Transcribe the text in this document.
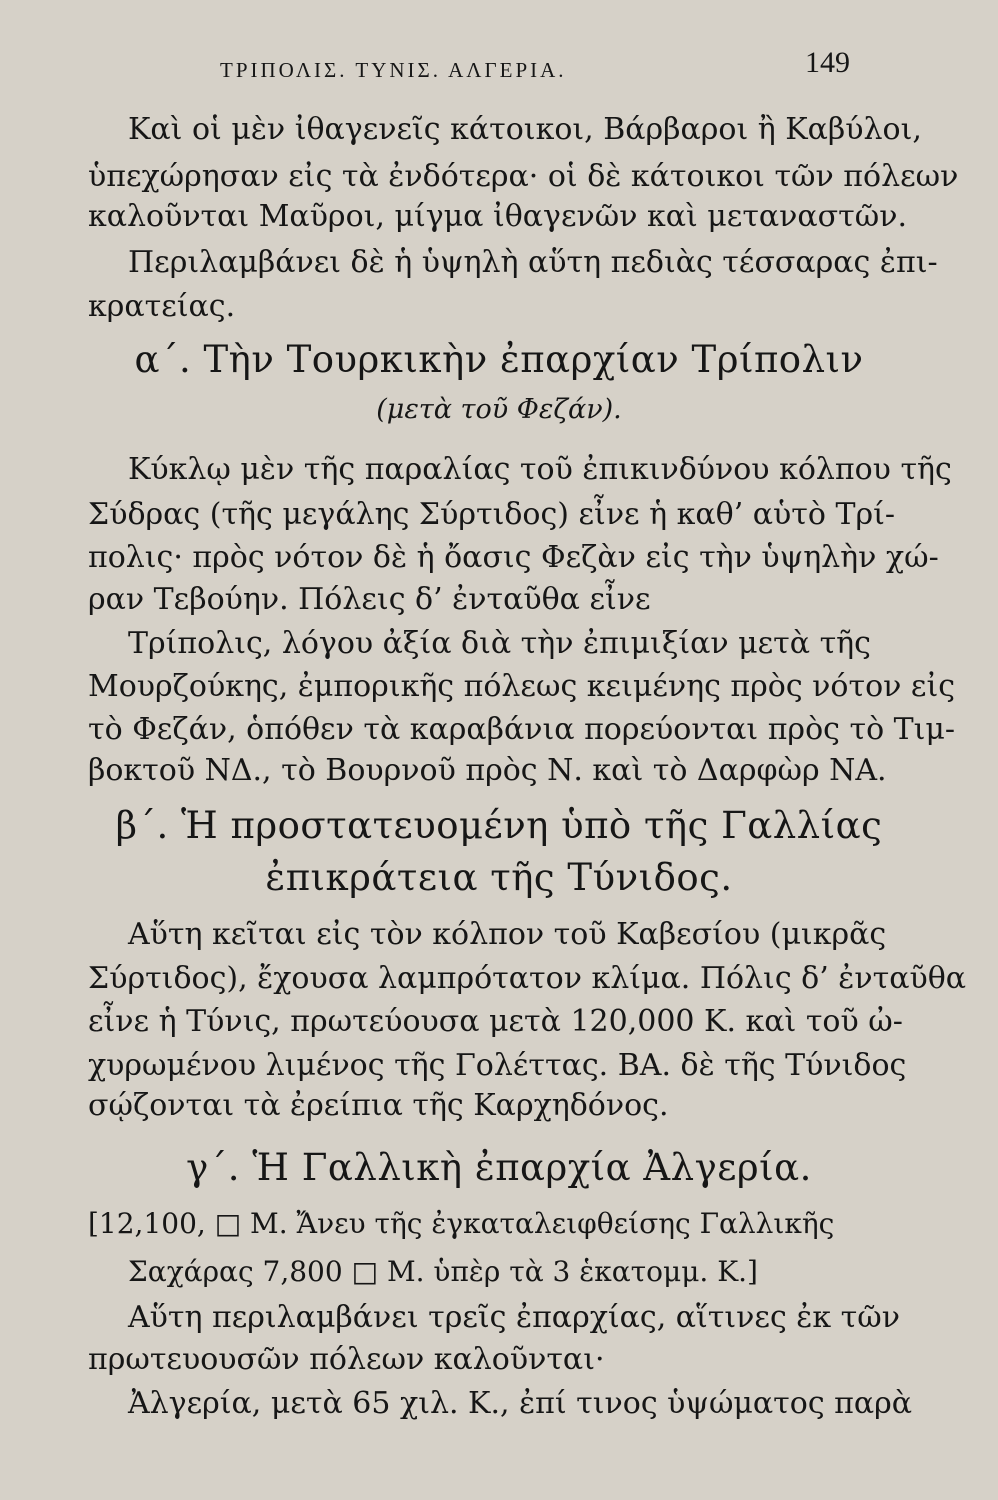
ΤΡΙΠΟΛΙΣ. ΤΥΝΙΣ. ΑΛΓΕΡΙΑ.	149
Καὶ οἱ μὲν ἰθαγενεῖς κάτοικοι, Βάρβαροι ἢ Καβύλοι,
ὑπεχώρησαν εἰς τὰ ἐνδότερα· οἱ δὲ κάτοικοι τῶν πόλεων
καλοῦνται Μαῦροι, μίγμα ἰθαγενῶν καὶ μεταναστῶν.
Περιλαμβάνει δὲ ἡ ὑψηλὴ αὕτη πεδιὰς τέσσαρας ἐπι-
κρατείας.
α΄. Τὴν Τουρκικὴν ἐπαρχίαν Τρίπολιν
(μετὰ τοῦ Φεζάν).
Κύκλῳ μὲν τῆς παραλίας τοῦ ἐπικινδύνου κόλπου τῆς
Σύδρας (τῆς μεγάλης Σύρτιδος) εἶνε ἡ καθ’ αὑτὸ Τρί-
πολις· πρὸς νότον δὲ ἡ ὄασις Φεζὰν εἰς τὴν ὑψηλὴν χώ-
ραν Τεβούην. Πόλεις δ’ ἐνταῦθα εἶνε
Τρίπολις, λόγου ἀξία διὰ τὴν ἐπιμιξίαν μετὰ τῆς
Μουρζούκης, ἐμπορικῆς πόλεως κειμένης πρὸς νότον εἰς
τὸ Φεζάν, ὁπόθεν τὰ καραβάνια πορεύονται πρὸς τὸ Τιμ-
βοκτοῦ ΝΔ., τὸ Βουρνοῦ πρὸς Ν. καὶ τὸ Δαρφὼρ ΝΑ.
β΄. Ἡ προστατευομένη ὑπὸ τῆς Γαλλίας
ἐπικράτεια τῆς Τύνιδος.
Αὕτη κεῖται εἰς τὸν κόλπον τοῦ Καβεσίου (μικρᾶς
Σύρτιδος), ἔχουσα λαμπρότατον κλίμα. Πόλις δ’ ἐνταῦθα
εἶνε ἡ Τύνις, πρωτεύουσα μετὰ 120,000 Κ. καὶ τοῦ ὠ-
χυρωμένου λιμένος τῆς Γολέττας. ΒΑ. δὲ τῆς Τύνιδος
σῴζονται τὰ ἐρείπια τῆς Καρχηδόνος.
γ΄. Ἡ Γαλλικὴ ἐπαρχία Ἀλγερία.
[12,100, □ Μ. Ἄνευ τῆς ἐγκαταλειφθείσης Γαλλικῆς
Σαχάρας 7,800 □ Μ. ὑπὲρ τὰ 3 ἑκατομμ. Κ.]
Αὕτη περιλαμβάνει τρεῖς ἐπαρχίας, αἵτινες ἐκ τῶν
πρωτευουσῶν πόλεων καλοῦνται·
Ἀλγερία, μετὰ 65 χιλ. Κ., ἐπί τινος ὑψώματος παρὰ
